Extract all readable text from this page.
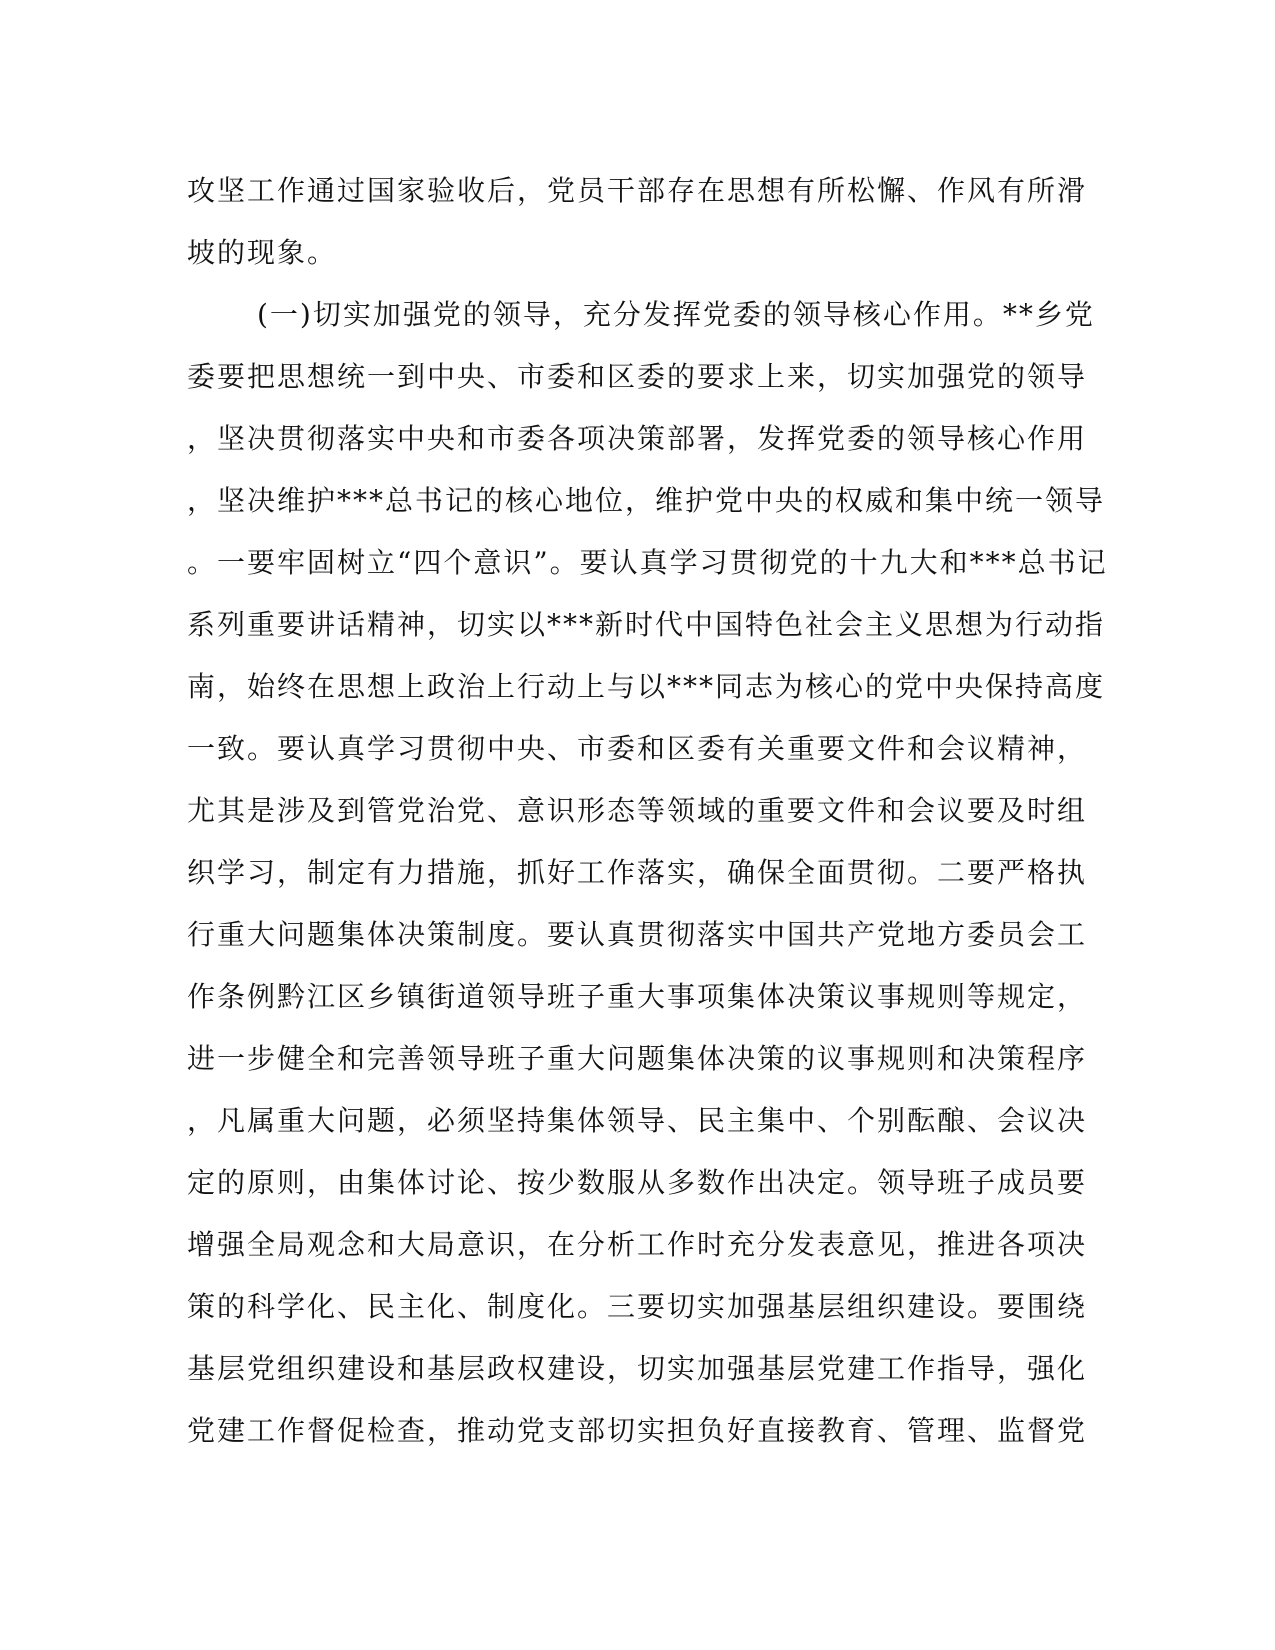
攻坚工作通过国家验收后，党员干部存在思想有所松懈、作风有所滑
坡的现象。
(一)切实加强党的领导，充分发挥党委的领导核心作用。**乡党
委要把思想统一到中央、市委和区委的要求上来，切实加强党的领导
，坚决贯彻落实中央和市委各项决策部署，发挥党委的领导核心作用
，坚决维护***总书记的核心地位，维护党中央的权威和集中统一领导
。一要牢固树立“四个意识”。要认真学习贯彻党的十九大和***总书记
系列重要讲话精神，切实以***新时代中国特色社会主义思想为行动指
南，始终在思想上政治上行动上与以***同志为核心的党中央保持高度
一致。要认真学习贯彻中央、市委和区委有关重要文件和会议精神，
尤其是涉及到管党治党、意识形态等领域的重要文件和会议要及时组
织学习，制定有力措施，抓好工作落实，确保全面贯彻。二要严格执
行重大问题集体决策制度。要认真贯彻落实中国共产党地方委员会工
作条例黔江区乡镇街道领导班子重大事项集体决策议事规则等规定，
进一步健全和完善领导班子重大问题集体决策的议事规则和决策程序
，凡属重大问题，必须坚持集体领导、民主集中、个别酝酿、会议决
定的原则，由集体讨论、按少数服从多数作出决定。领导班子成员要
增强全局观念和大局意识，在分析工作时充分发表意见，推进各项决
策的科学化、民主化、制度化。三要切实加强基层组织建设。要围绕
基层党组织建设和基层政权建设，切实加强基层党建工作指导，强化
党建工作督促检查，推动党支部切实担负好直接教育、管理、监督党
